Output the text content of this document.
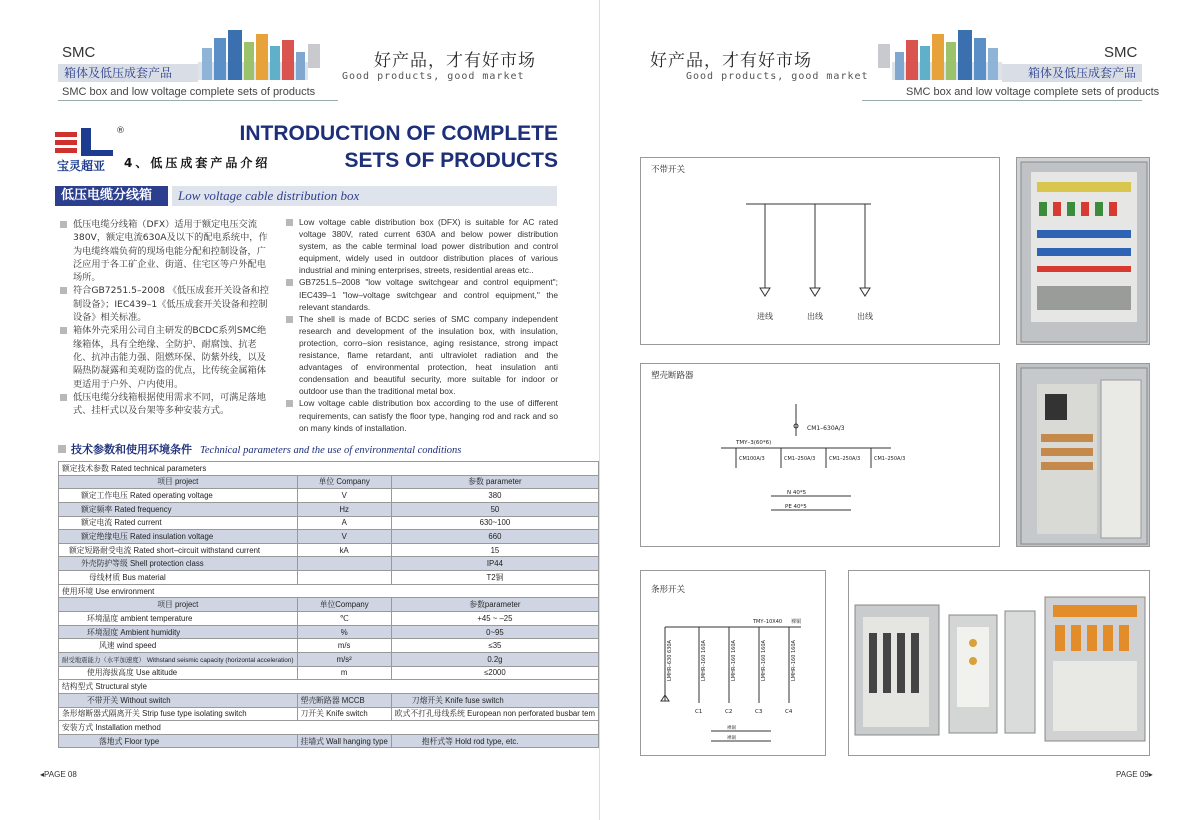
SMC
箱体及低压成套产品
SMC box and low voltage complete sets of products
好产品，才有好市场
Good products, good market
®
宝灵超亚 4、低压成套产品介绍
INTRODUCTION OF COMPLETE
SETS OF PRODUCTS
低压电缆分线箱	Low voltage cable distribution box
低压电缆分线箱（DFX）适用于额定电压交流380V，额定电流630A及以下的配电系统中，作为电缆终端负荷的现场电能分配和控制设备，广泛应用于各工矿企业、街道、住宅区等户外配电场所。
符合GB7251.5–2008 《低压成套开关设备和控制设备》；IEC439–1《低压成套开关设备和控制设备》相关标准。
箱体外壳采用公司自主研发的BCDC系列SMC绝缘箱体，具有全绝缘、全防护、耐腐蚀、抗老化、抗冲击能力强、阻燃环保、防紫外线，以及隔热防凝露和美观防盗的优点，比传统金属箱体更适用于户外、户内使用。
低压电缆分线箱根据使用需求不同，可满足落地式、挂杆式以及台架等多种安装方式。
Low voltage cable distribution box (DFX) is suitable for AC rated voltage 380V, rated current 630A and below power distribution system, as the cable terminal load power distribution and control equipment, widely used in outdoor distribution places of various industrial and mining enterprises, streets, residential areas etc..
GB7251.5–2008 "low voltage switchgear and control equipment"; IEC439–1 "low–voltage switchgear and control equipment," the relevant standards.
The shell is made of BCDC series of SMC company independent research and development of the insulation box, with insulation, protection, corro–sion resistance, aging resistance, strong impact resistance, flame retardant, anti ultraviolet radiation and the advantages of environmental protection, heat insulation anti condensation and beautiful security, more suitable for indoor or outdoor use than the traditional metal box.
Low voltage cable distribution box according to the use of different requirements, can satisfy the floor type, hanging rod and rack and so on many kinds of installation.
技术参数和使用环境条件 Technical parameters and the use of environmental conditions
额定技术参数 Rated technical parameters		
项目 project	单位 Company	参数 parameter
额定工作电压 Rated operating voltage	V	380
额定频率 Rated frequency	Hz	50
额定电流 Rated current	A	630~100
额定绝缘电压 Rated insulation voltage	V	660
额定短路耐受电流 Rated short–circuit withstand current	kA	15
外壳防护等级 Shell protection class		IP44
母线材质 Bus material		T2铜
使用环境 Use environment		
项目 project	单位Company	参数parameter
环境温度 ambient temperature	℃	+45 ~ –25
环境湿度 Ambient humidity	%	0~95
风速 wind speed	m/s	≤35
耐受地震能力（水平加速度） Withstand seismic capacity (horizontal acceleration)	m/s²	0.2g
使用海拔高度 Use altitude	m	≤2000
结构型式 Structural style		
不带开关 Without switch	塑壳断路器 MCCB	刀熔开关 Knife fuse switch
条形熔断器式隔离开关 Strip fuse type isolating switch	刀开关 Knife switch	欧式不打孔母线系统 European non perforated busbar tem
安装方式 Installation method		
落地式 Floor type	挂墙式 Wall hanging type	抱杆式等 Hold rod type, etc.
◂PAGE 08
好产品，才有好市场
Good products, good market
SMC
箱体及低压成套产品
SMC box and low voltage complete sets of products
不带开关
进线	出线	出线
塑壳断路器
CM1–630A/3
TMY–3(60*6)
CM100A/3	CM1–250A/3	CM1–250A/3	CM1–250A/3
N 40*5
PE 40*5
条形开关
TMY–10X40 裸铜
LMHR–630 630A	LMHR–160 160A	LMHR–160 160A	LMHR–160 160A	LMHR–160 160A
C1	C2	C3	C4
裸铜
裸铜
PAGE 09▸
